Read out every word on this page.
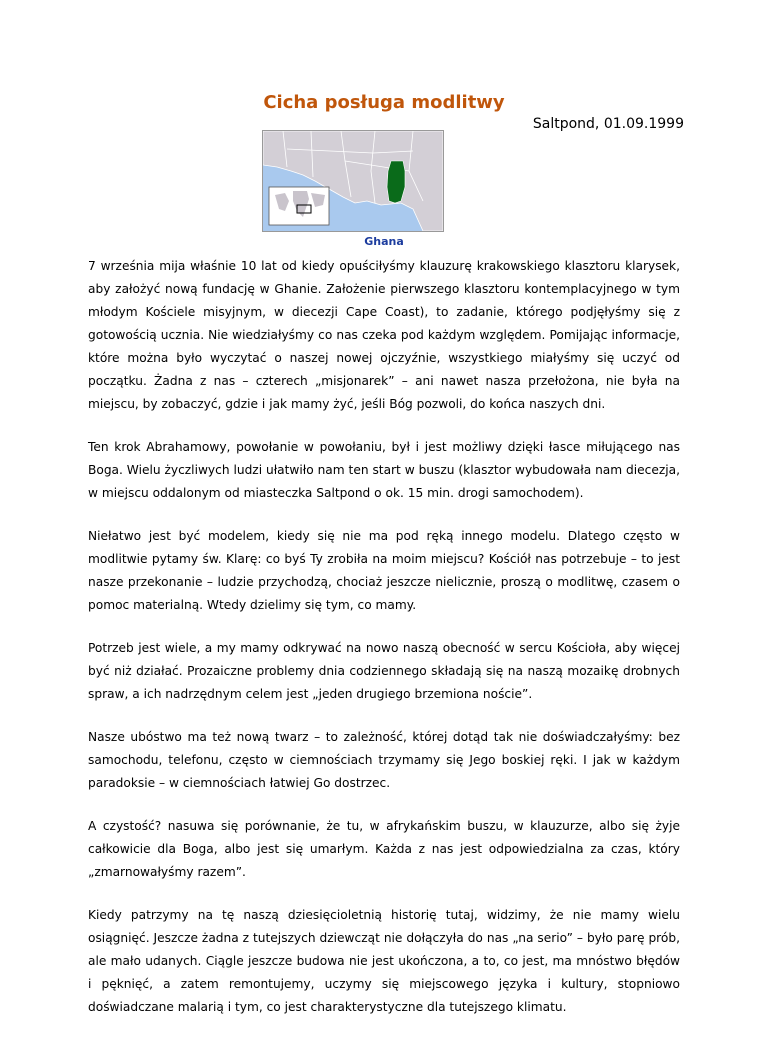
Cicha posługa modlitwy
Saltpond, 01.09.1999
Ghana

7 września mija właśnie 10 lat od kiedy opuściłyśmy klauzurę krakowskiego klasztoru klarysek, aby założyć nową fundację w Ghanie. Założenie pierwszego klasztoru kontemplacyjnego w tym młodym Kościele misyjnym, w diecezji Cape Coast), to zadanie, którego podjęłyśmy się z gotowością ucznia. Nie wiedziałyśmy co nas czeka pod każdym względem. Pomijając informacje, które można było wyczytać o naszej nowej ojczyźnie, wszystkiego miałyśmy się uczyć od początku. Żadna z nas – czterech „misjonarek” – ani nawet nasza przełożona, nie była na miejscu, by zobaczyć, gdzie i jak mamy żyć, jeśli Bóg pozwoli, do końca naszych dni.

Ten krok Abrahamowy, powołanie w powołaniu, był i jest możliwy dzięki łasce miłującego nas Boga. Wielu życzliwych ludzi ułatwiło nam ten start w buszu (klasztor wybudowała nam diecezja, w miejscu oddalonym od miasteczka Saltpond o ok. 15 min. drogi samochodem).

Niełatwo jest być modelem, kiedy się nie ma pod ręką innego modelu. Dlatego często w modlitwie pytamy św. Klarę: co byś Ty zrobiła na moim miejscu? Kościół nas potrzebuje – to jest nasze przekonanie – ludzie przychodzą, chociaż jeszcze nielicznie, proszą o modlitwę, czasem o pomoc materialną. Wtedy dzielimy się tym, co mamy.

Potrzeb jest wiele, a my mamy odkrywać na nowo naszą obecność w sercu Kościoła, aby więcej być niż działać. Prozaiczne problemy dnia codziennego składają się na naszą mozaikę drobnych spraw, a ich nadrzędnym celem jest „jeden drugiego brzemiona noście”.

Nasze ubóstwo ma też nową twarz – to zależność, której dotąd tak nie doświadczałyśmy: bez samochodu, telefonu, często w ciemnościach trzymamy się Jego boskiej ręki. I jak w każdym paradoksie – w ciemnościach łatwiej Go dostrzec.

A czystość? nasuwa się porównanie, że tu, w afrykańskim buszu, w klauzurze, albo się żyje całkowicie dla Boga, albo jest się umarłym. Każda z nas jest odpowiedzialna za czas, który „zmarnowałyśmy razem”.

Kiedy patrzymy na tę naszą dziesięcioletnią historię tutaj, widzimy, że nie mamy wielu osiągnięć. Jeszcze żadna z tutejszych dziewcząt nie dołączyła do nas „na serio” – było parę prób, ale mało udanych. Ciągle jeszcze budowa nie jest ukończona, a to, co jest, ma mnóstwo błędów i pęknięć, a zatem remontujemy, uczymy się miejscowego języka i kultury, stopniowo doświadczane malarią i tym, co jest charakterystyczne dla tutejszego klimatu.
